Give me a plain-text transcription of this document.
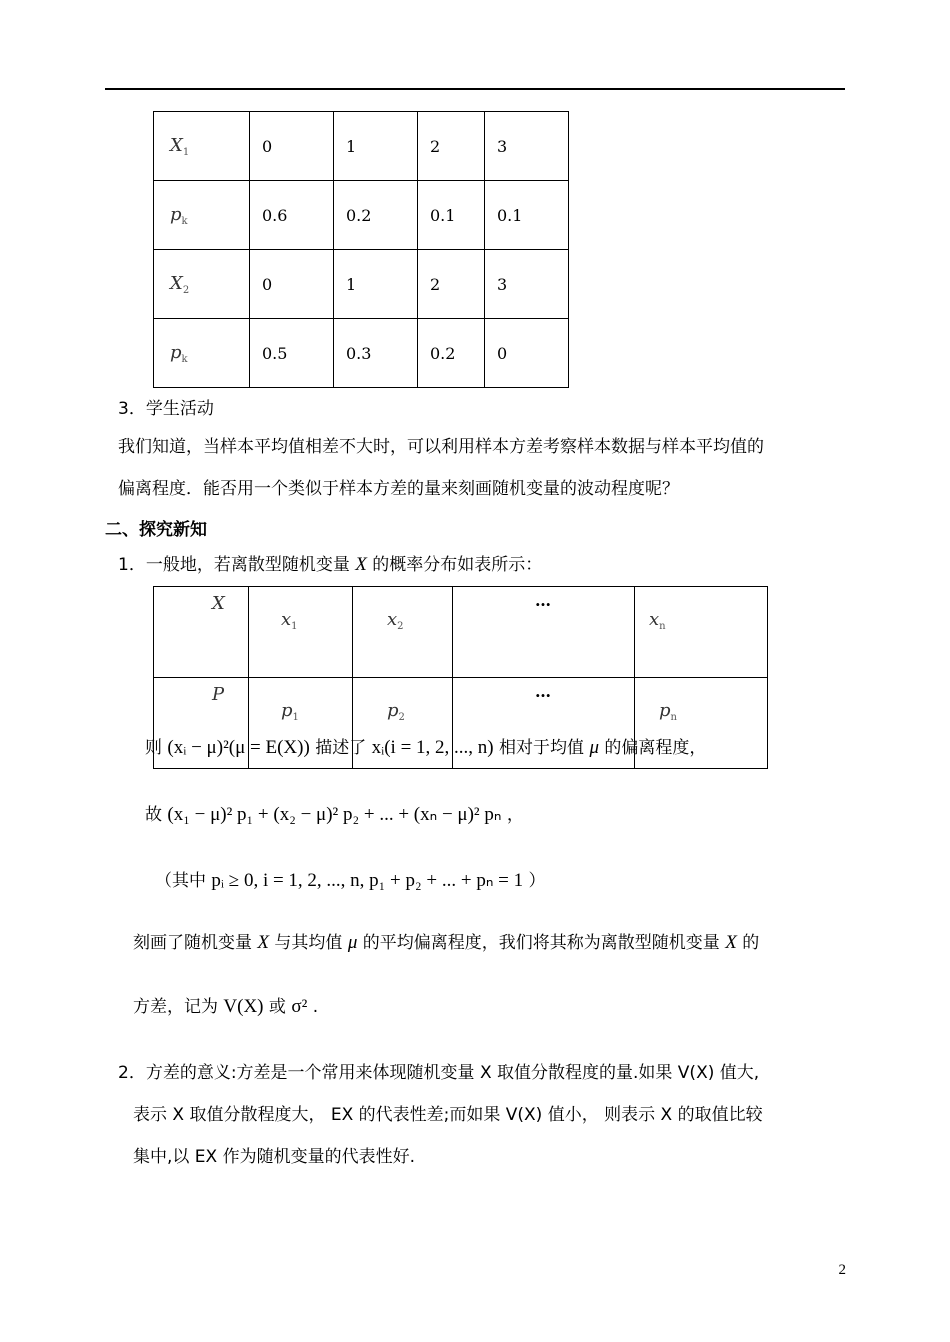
$X_1$	0	1	2	3
$p_k$	0.6	0.2	0.1	0.1
$X_2$	0	1	2	3
$p_k$	0.5	0.3	0.2	0
3．学生活动
我们知道，当样本平均值相差不大时，可以利用样本方差考察样本数据与样本平均值的
偏离程度．能否用一个类似于样本方差的量来刻画随机变量的波动程度呢？
二、探究新知
1．一般地，若离散型随机变量 X 的概率分布如表所示：
X	$x_1$	$x_2$	…	$x_n$
P	$p_1$	$p_2$	…	$p_n$
则 (xᵢ − μ)²(μ = E(X)) 描述了 xᵢ(i = 1, 2, ..., n) 相对于均值 μ 的偏离程度，
故 (x₁ − μ)² p₁ + (x₂ − μ)² p₂ + ... + (xₙ − μ)² pₙ ，
（其中 pᵢ ≥ 0, i = 1, 2, ..., n, p₁ + p₂ + ... + pₙ = 1 ）
刻画了随机变量 X 与其均值 μ 的平均偏离程度，我们将其称为离散型随机变量 X 的
方差，记为 V(X) 或 σ² .
2．方差的意义:方差是一个常用来体现随机变量 X 取值分散程度的量.如果 V(X) 值大,
表示 X 取值分散程度大， EX 的代表性差;而如果 V(X) 值小， 则表示 X 的取值比较
集中,以 EX 作为随机变量的代表性好.
2
